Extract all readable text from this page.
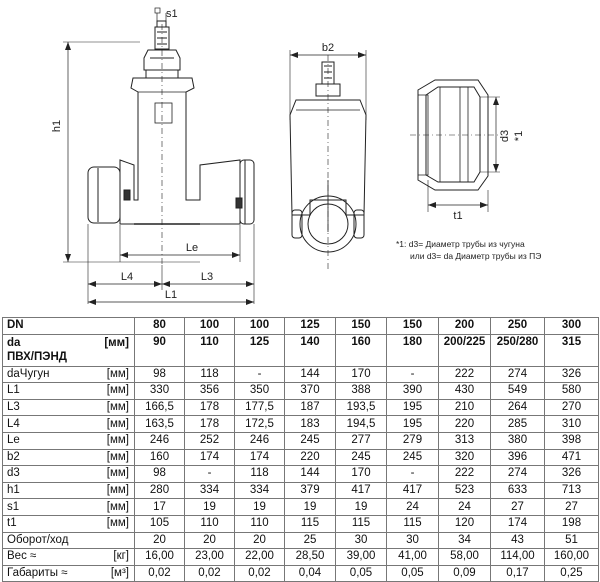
s1
h1
Le
L4	L3
L1
b2
d3 *1
t1
*1: d3= Диаметр трубы из чугуна
или d3= da Диаметр трубы из ПЭ
DN	80	100	100	125	150	150	200	250	300

da [мм]
ПВХ/ПЭНД	90	110	125	140	160	180	200/225	250/280	315

daЧугун [мм]	98	118	-	144	170	-	222	274	326

L1 [мм]	330	356	350	370	388	390	430	549	580

L3 [мм]	166,5	178	177,5	187	193,5	195	210	264	270

L4 [мм]	163,5	178	172,5	183	194,5	195	220	285	310

Le [мм]	246	252	246	245	277	279	313	380	398

b2 [мм]	160	174	174	220	245	245	320	396	471

d3 [мм]	98	-	118	144	170	-	222	274	326

h1 [мм]	280	334	334	379	417	417	523	633	713

s1 [мм]	17	19	19	19	19	24	24	27	27

t1 [мм]	105	110	110	115	115	115	120	174	198

Оборот/ход	20	20	20	25	30	30	34	43	51

Вес ≈ [кг]	16,00	23,00	22,00	28,50	39,00	41,00	58,00	114,00	160,00

Габариты ≈ [м³]	0,02	0,02	0,02	0,04	0,05	0,05	0,09	0,17	0,25
